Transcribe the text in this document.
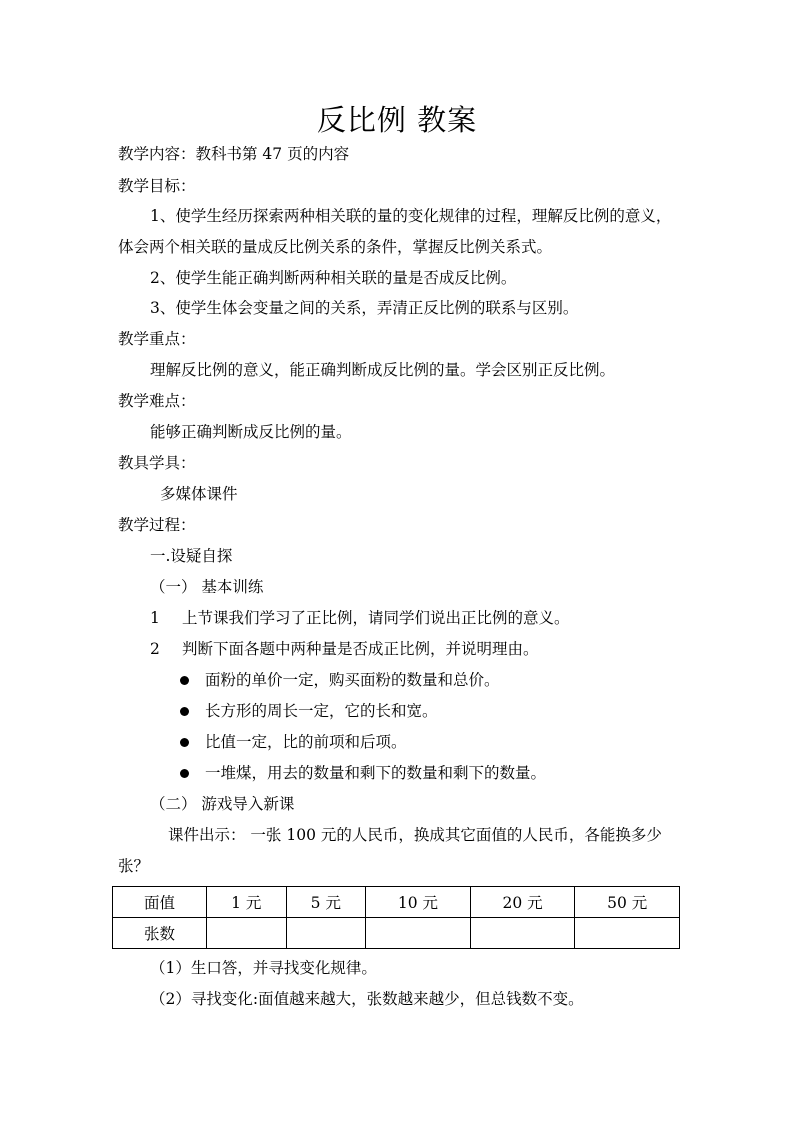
反比例 教案
教学内容：教科书第 47 页的内容
教学目标：
1、使学生经历探索两种相关联的量的变化规律的过程，理解反比例的意义，
体会两个相关联的量成反比例关系的条件，掌握反比例关系式。
2、使学生能正确判断两种相关联的量是否成反比例。
3、使学生体会变量之间的关系，弄清正反比例的联系与区别。
教学重点：
理解反比例的意义，能正确判断成反比例的量。学会区别正反比例。
教学难点：
能够正确判断成反比例的量。
教具学具：
多媒体课件
教学过程：
一.设疑自探
（一） 基本训练
1 上节课我们学习了正比例，请同学们说出正比例的意义。
2 判断下面各题中两种量是否成正比例，并说明理由。
面粉的单价一定，购买面粉的数量和总价。
长方形的周长一定，它的长和宽。
比值一定，比的前项和后项。
一堆煤，用去的数量和剩下的数量和剩下的数量。
（二） 游戏导入新课
课件出示： 一张 100 元的人民币，换成其它面值的人民币，各能换多少
张？
面值	1 元	5 元	10 元	20 元	50 元
张数					
（1）生口答，并寻找变化规律。
（2）寻找变化:面值越来越大，张数越来越少，但总钱数不变。
